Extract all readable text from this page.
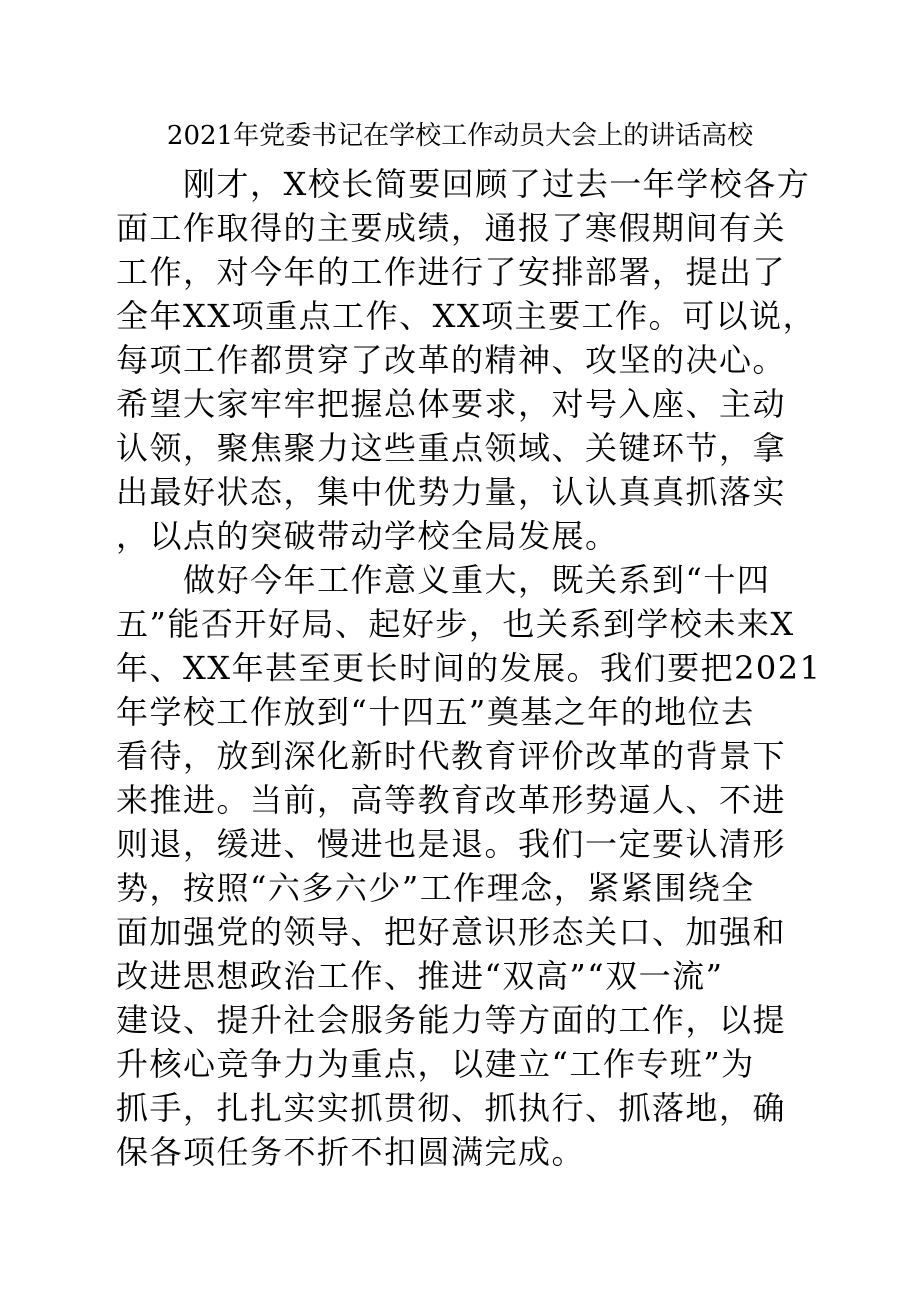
2021年党委书记在学校工作动员大会上的讲话高校
　　刚才，X校长简要回顾了过去一年学校各方
面工作取得的主要成绩，通报了寒假期间有关
工作，对今年的工作进行了安排部署，提出了
全年XX项重点工作、XX项主要工作。可以说，
每项工作都贯穿了改革的精神、攻坚的决心。
希望大家牢牢把握总体要求，对号入座、主动
认领，聚焦聚力这些重点领域、关键环节，拿
出最好状态，集中优势力量，认认真真抓落实
，以点的突破带动学校全局发展。
　　做好今年工作意义重大，既关系到“十四
五”能否开好局、起好步，也关系到学校未来X
年、XX年甚至更长时间的发展。我们要把2021
年学校工作放到“十四五”奠基之年的地位去
看待，放到深化新时代教育评价改革的背景下
来推进。当前，高等教育改革形势逼人、不进
则退，缓进、慢进也是退。我们一定要认清形
势，按照“六多六少”工作理念，紧紧围绕全
面加强党的领导、把好意识形态关口、加强和
改进思想政治工作、推进“双高”“双一流”
建设、提升社会服务能力等方面的工作，以提
升核心竞争力为重点，以建立“工作专班”为
抓手，扎扎实实抓贯彻、抓执行、抓落地，确
保各项任务不折不扣圆满完成。
